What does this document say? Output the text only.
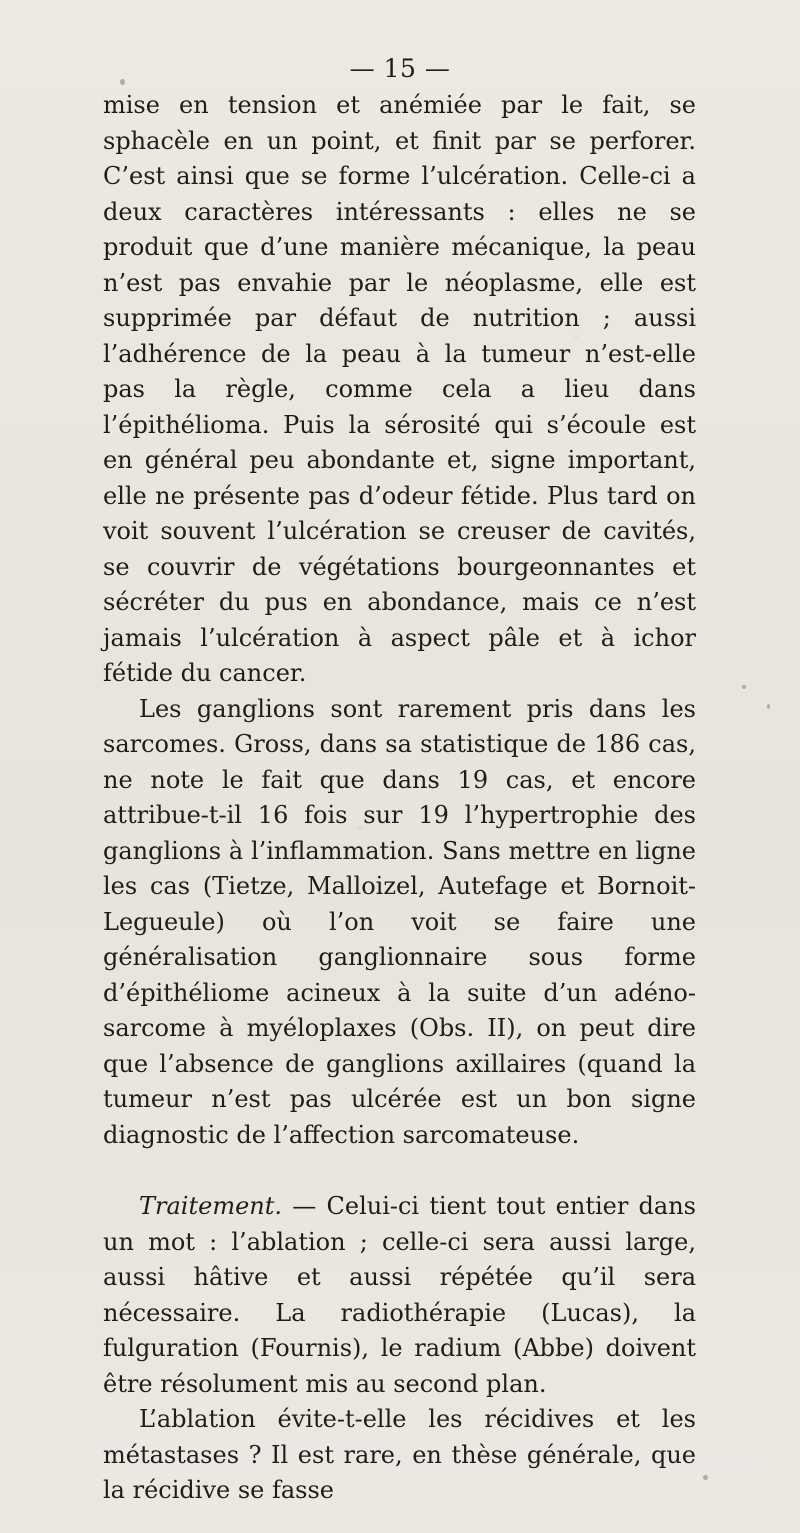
— 15 —

mise en tension et anémiée par le fait, se sphacèle en un point, et finit par se perforer. C’est ainsi que se forme l’ulcération. Celle-ci a deux caractères intéressants : elles ne se produit que d’une manière mécanique, la peau n’est pas envahie par le néoplasme, elle est supprimée par défaut de nutrition ; aussi l’adhérence de la peau à la tumeur n’est-elle pas la règle, comme cela a lieu dans l’épithélioma. Puis la sérosité qui s’écoule est en général peu abondante et, signe important, elle ne présente pas d’odeur fétide. Plus tard on voit souvent l’ulcération se creuser de cavités, se couvrir de végétations bourgeonnantes et sécréter du pus en abondance, mais ce n’est jamais l’ulcération à aspect pâle et à ichor fétide du cancer.

Les ganglions sont rarement pris dans les sarcomes. Gross, dans sa statistique de 186 cas, ne note le fait que dans 19 cas, et encore attribue-t-il 16 fois sur 19 l’hypertrophie des ganglions à l’inflammation. Sans mettre en ligne les cas (Tietze, Malloizel, Autefage et Bornoit-Legueule) où l’on voit se faire une généralisation ganglionnaire sous forme d’épithéliome acineux à la suite d’un adéno-sarcome à myéloplaxes (Obs. II), on peut dire que l’absence de ganglions axillaires (quand la tumeur n’est pas ulcérée est un bon signe diagnostic de l’affection sarcomateuse.

Traitement. — Celui-ci tient tout entier dans un mot : l’ablation ; celle-ci sera aussi large, aussi hâtive et aussi répétée qu’il sera nécessaire. La radiothérapie (Lucas), la fulguration (Fournis), le radium (Abbe) doivent être résolument mis au second plan.

L’ablation évite-t-elle les récidives et les métastases ? Il est rare, en thèse générale, que la récidive se fasse
